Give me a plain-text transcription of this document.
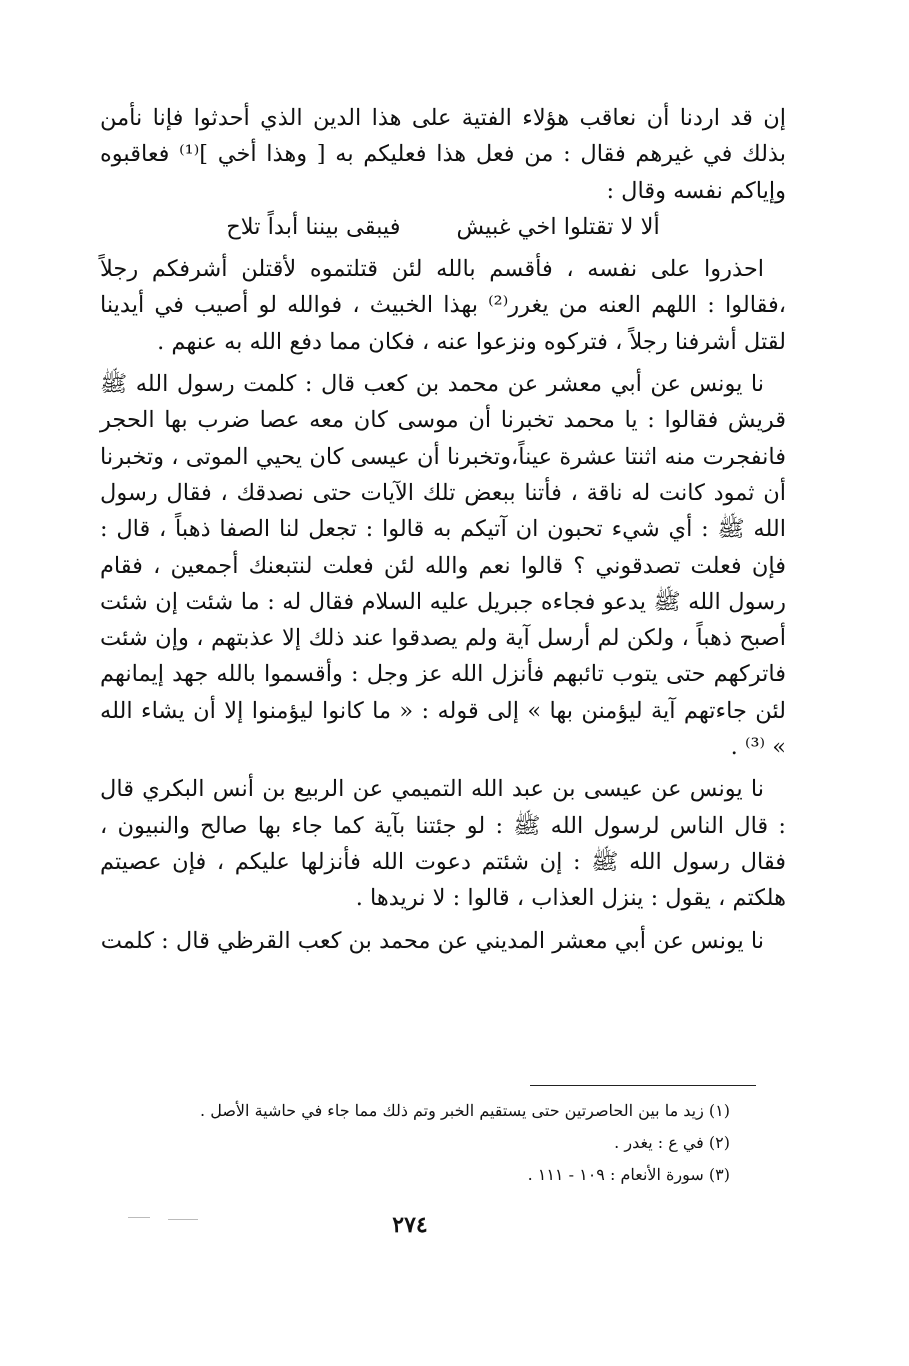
إن قد اردنا أن نعاقب هؤلاء الفتية على هذا الدين الذي أحدثوا فإنا نأمن بذلك في غيرهم فقال : من فعل هذا فعليكم به [ وهذا أخي ]⁽¹⁾ فعاقبوه وإياكم نفسه وقال :

ألا لا تقتلوا اخي غبيش
فيبقى بيننا أبداً تلاح

احذروا على نفسه ، فأقسم بالله لئن قتلتموه لأقتلن أشرفكم رجلاً ،فقالوا : اللهم العنه من يغرر⁽²⁾ بهذا الخبيث ، فوالله لو أصيب في أيدينا لقتل أشرفنا رجلاً ، فتركوه ونزعوا عنه ، فكان مما دفع الله به عنهم .

نا يونس عن أبي معشر عن محمد بن كعب قال : كلمت رسول الله ﷺ قريش فقالوا : يا محمد تخبرنا أن موسى كان معه عصا ضرب بها الحجر فانفجرت منه اثنتا عشرة عيناً،وتخبرنا أن عيسى كان يحيي الموتى ، وتخبرنا أن ثمود كانت له ناقة ، فأتنا ببعض تلك الآيات حتى نصدقك ، فقال رسول الله ﷺ : أي شيء تحبون ان آتيكم به قالوا : تجعل لنا الصفا ذهباً ، قال : فإن فعلت تصدقوني ؟ قالوا نعم والله لئن فعلت لنتبعنك أجمعين ، فقام رسول الله ﷺ يدعو فجاءه جبريل عليه السلام فقال له : ما شئت إن شئت أصبح ذهباً ، ولكن لم أرسل آية ولم يصدقوا عند ذلك إلا عذبتهم ، وإن شئت فاتركهم حتى يتوب تائبهم فأنزل الله عز وجل : وأقسموا بالله جهد إيمانهم لئن جاءتهم آية ليؤمنن بها » إلى قوله : « ما كانوا ليؤمنوا إلا أن يشاء الله » ⁽³⁾ .

نا يونس عن عيسى بن عبد الله التميمي عن الربيع بن أنس البكري قال : قال الناس لرسول الله ﷺ : لو جئتنا بآية كما جاء بها صالح والنبيون ، فقال رسول الله ﷺ : إن شئتم دعوت الله فأنزلها عليكم ، فإن عصيتم هلكتم ، يقول : ينزل العذاب ، قالوا : لا نريدها .

نا يونس عن أبي معشر المديني عن محمد بن كعب القرظي قال : كلمت

(١) زيد ما بين الحاصرتين حتى يستقيم الخبر وتم ذلك مما جاء في حاشية الأصل .

(٢) في ع : يغدر .

(٣) سورة الأنعام : ١٠٩ - ١١١ .

٢٧٤
